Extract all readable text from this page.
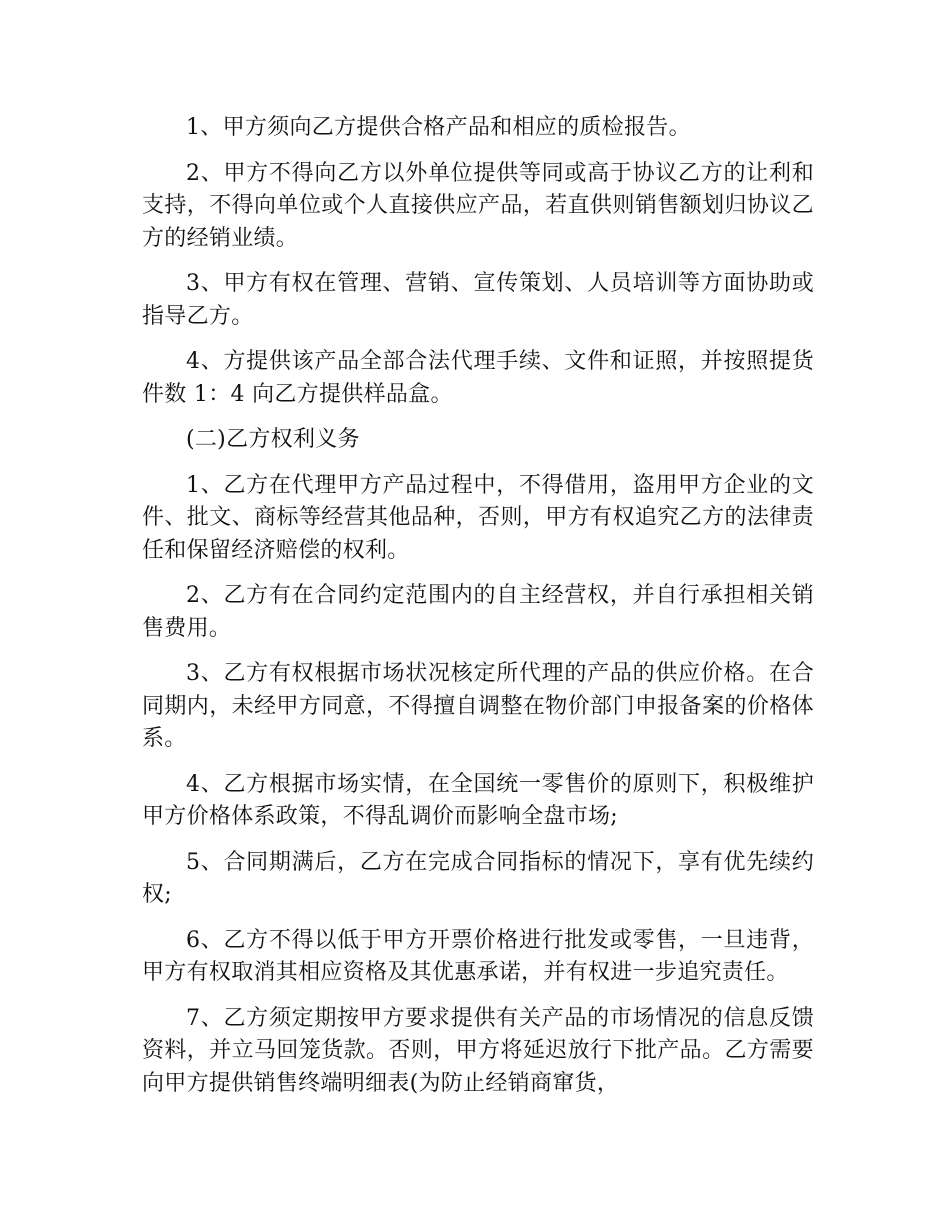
1、甲方须向乙方提供合格产品和相应的质检报告。

2、甲方不得向乙方以外单位提供等同或高于协议乙方的让利和支持，不得向单位或个人直接供应产品，若直供则销售额划归协议乙方的经销业绩。

3、甲方有权在管理、营销、宣传策划、人员培训等方面协助或指导乙方。

4、方提供该产品全部合法代理手续、文件和证照，并按照提货件数 1：4 向乙方提供样品盒。

(二)乙方权利义务

1、乙方在代理甲方产品过程中，不得借用，盗用甲方企业的文件、批文、商标等经营其他品种，否则，甲方有权追究乙方的法律责任和保留经济赔偿的权利。

2、乙方有在合同约定范围内的自主经营权，并自行承担相关销售费用。

3、乙方有权根据市场状况核定所代理的产品的供应价格。在合同期内，未经甲方同意，不得擅自调整在物价部门申报备案的价格体系。

4、乙方根据市场实情，在全国统一零售价的原则下，积极维护甲方价格体系政策，不得乱调价而影响全盘市场;

5、合同期满后，乙方在完成合同指标的情况下，享有优先续约权;

6、乙方不得以低于甲方开票价格进行批发或零售，一旦违背，甲方有权取消其相应资格及其优惠承诺，并有权进一步追究责任。

7、乙方须定期按甲方要求提供有关产品的市场情况的信息反馈资料，并立马回笼货款。否则，甲方将延迟放行下批产品。乙方需要向甲方提供销售终端明细表(为防止经销商窜货，
